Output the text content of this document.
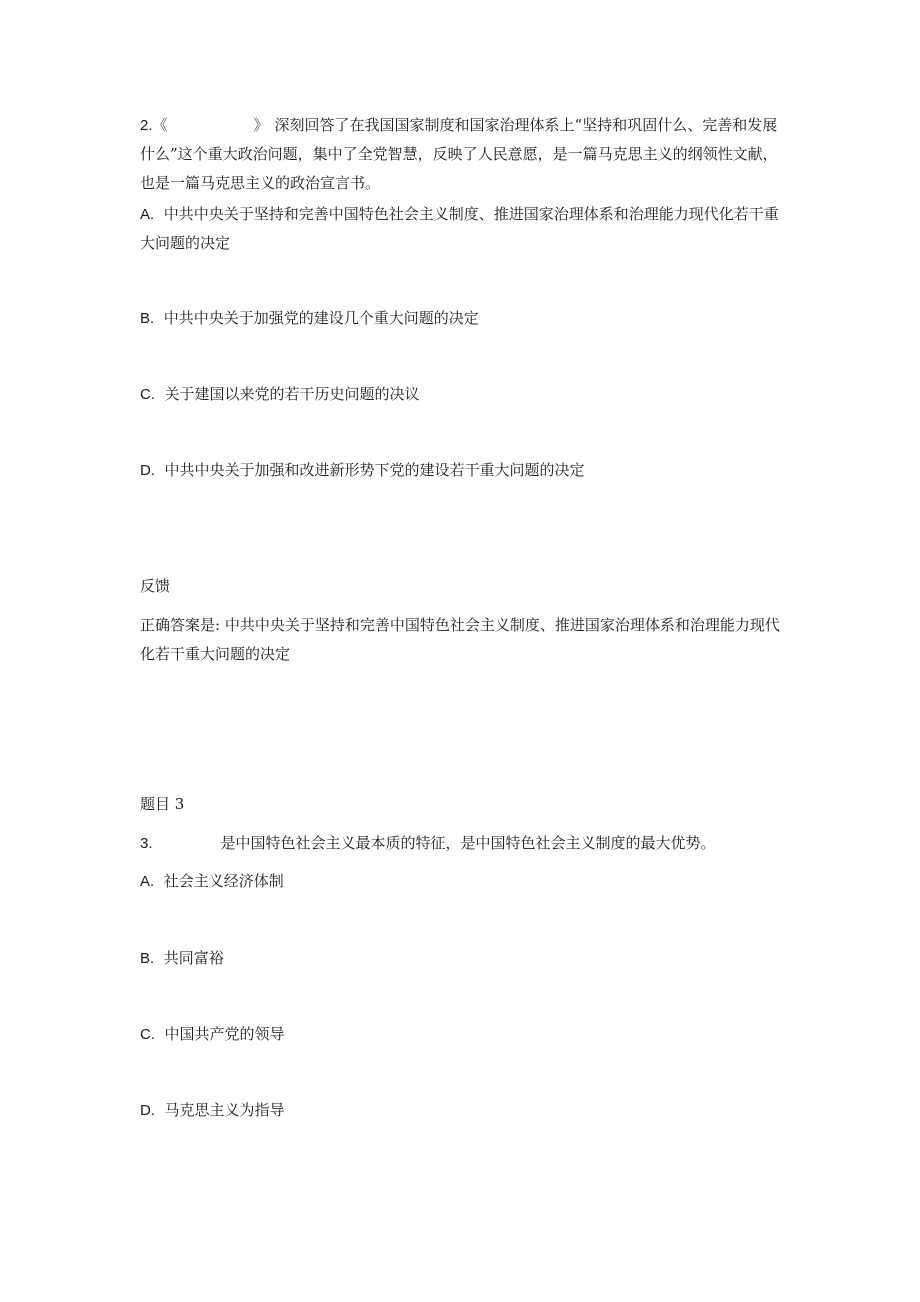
2.《	》 深刻回答了在我国国家制度和国家治理体系上“坚持和巩固什么、完善和发展什么”这个重大政治问题，集中了全党智慧，反映了人民意愿，是一篇马克思主义的纲领性文献，也是一篇马克思主义的政治宣言书。

A. 中共中央关于坚持和完善中国特色社会主义制度、推进国家治理体系和治理能力现代化若干重大问题的决定

B. 中共中央关于加强党的建设几个重大问题的决定

C. 关于建国以来党的若干历史问题的决议

D. 中共中央关于加强和改进新形势下党的建设若干重大问题的决定

反馈

正确答案是: 中共中央关于坚持和完善中国特色社会主义制度、推进国家治理体系和治理能力现代化若干重大问题的决定

题目 3

3.	是中国特色社会主义最本质的特征，是中国特色社会主义制度的最大优势。

A. 社会主义经济体制

B. 共同富裕

C. 中国共产党的领导

D. 马克思主义为指导
